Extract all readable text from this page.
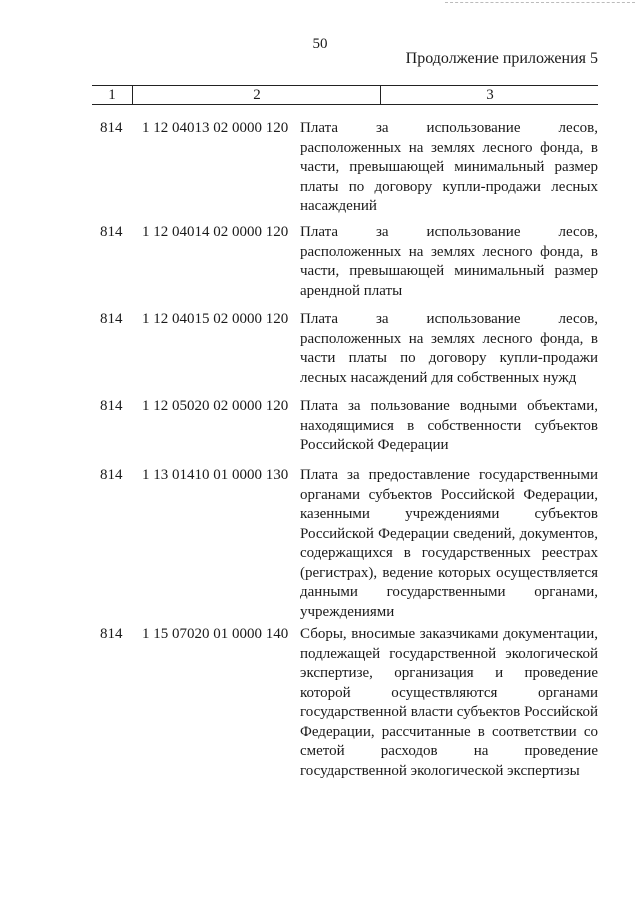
50
Продолжение приложения 5
1	2	3
814 1 12 04013 02 0000 120 Плата за использование лесов, расположенных на землях лесного фонда, в части, превышающей минимальный размер платы по договору купли-продажи лесных насаждений
814 1 12 04014 02 0000 120 Плата за использование лесов, расположенных на землях лесного фонда, в части, превышающей минимальный размер арендной платы
814 1 12 04015 02 0000 120 Плата за использование лесов, расположенных на землях лесного фонда, в части платы по договору купли-продажи лесных насаждений для собственных нужд
814 1 12 05020 02 0000 120 Плата за пользование водными объектами, находящимися в собственности субъектов Российской Федерации
814 1 13 01410 01 0000 130 Плата за предоставление государственными органами субъектов Российской Федерации, казенными учреждениями субъектов Российской Федерации сведений, документов, содержащихся в государственных реестрах (регистрах), ведение которых осуществляется данными государственными органами, учреждениями
814 1 15 07020 01 0000 140 Сборы, вносимые заказчиками документации, подлежащей государственной экологической экспертизе, организация и проведение которой осуществляются органами государственной власти субъектов Российской Федерации, рассчитанные в соответствии со сметой расходов на проведение государственной экологической экспертизы
